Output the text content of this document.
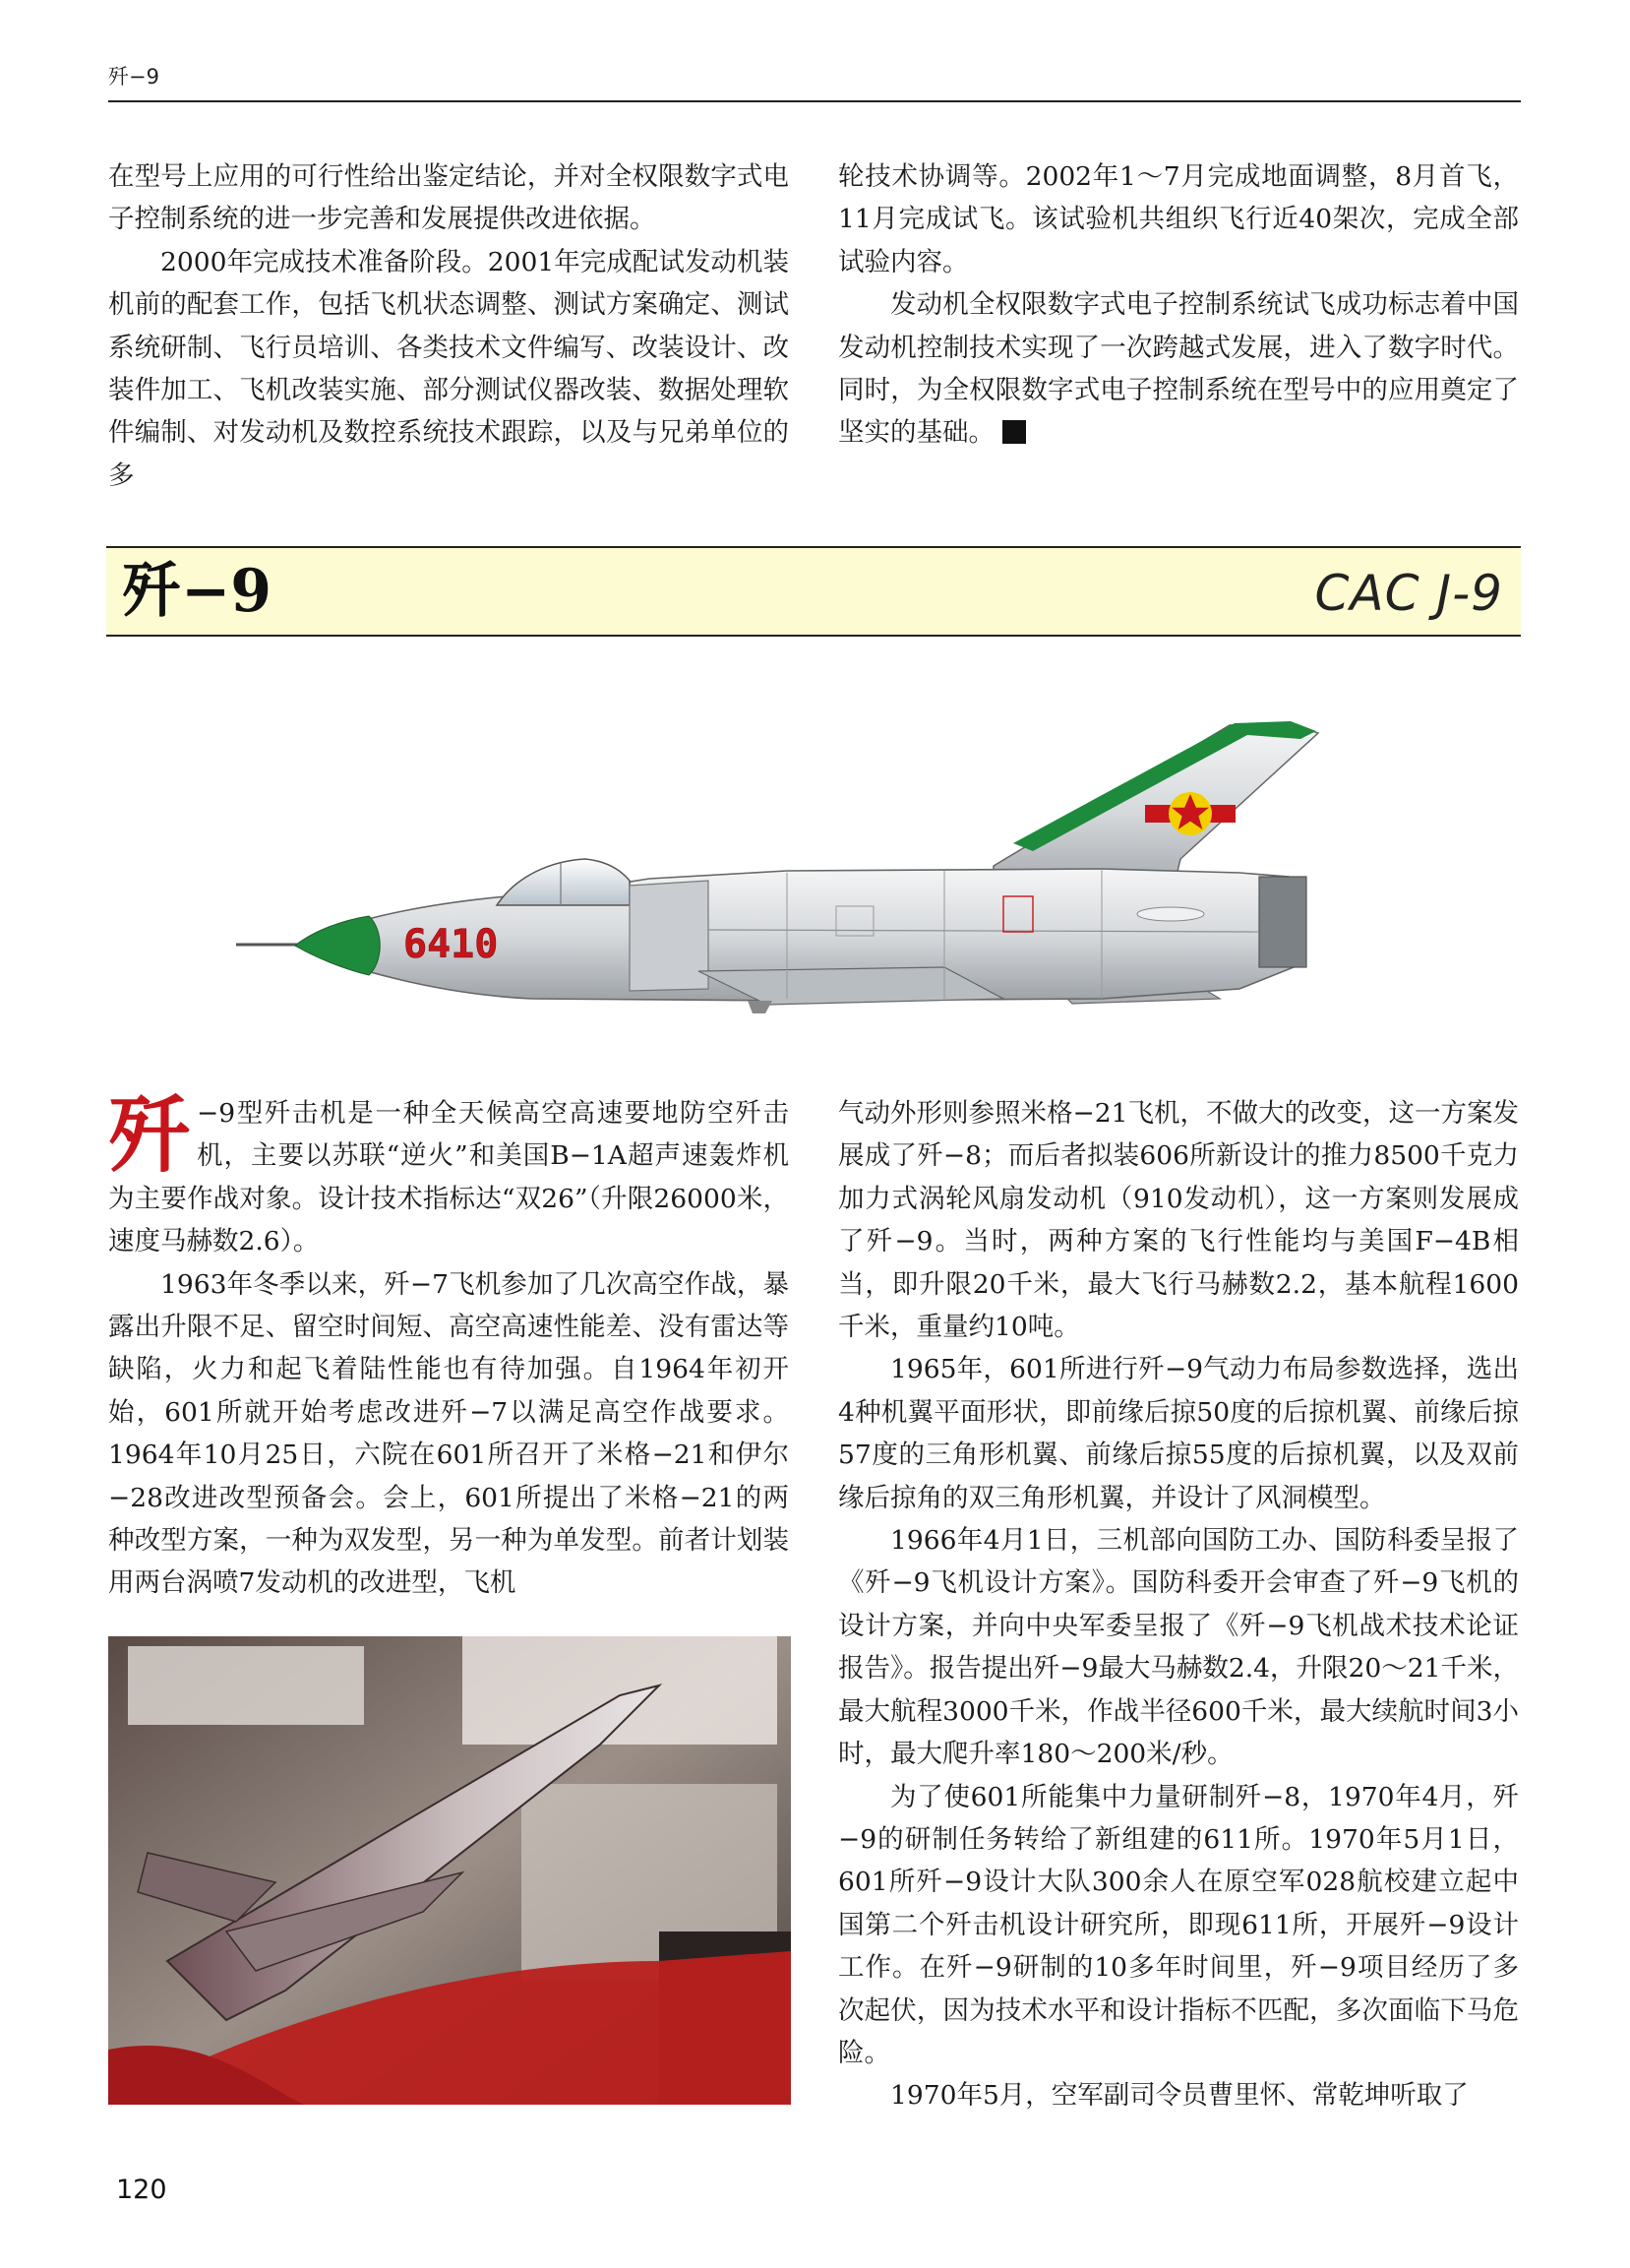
歼−9

在型号上应用的可行性给出鉴定结论，并对全权限数字式电子控制系统的进一步完善和发展提供改进依据。

2000年完成技术准备阶段。2001年完成配试发动机装机前的配套工作，包括飞机状态调整、测试方案确定、测试系统研制、飞行员培训、各类技术文件编写、改装设计、改装件加工、飞机改装实施、部分测试仪器改装、数据处理软件编制、对发动机及数控系统技术跟踪，以及与兄弟单位的多

轮技术协调等。2002年1～7月完成地面调整，8月首飞，11月完成试飞。该试验机共组织飞行近40架次，完成全部试验内容。

发动机全权限数字式电子控制系统试飞成功标志着中国发动机控制技术实现了一次跨越式发展，进入了数字时代。同时，为全权限数字式电子控制系统在型号中的应用奠定了坚实的基础。

歼−9	CAC J-9
6410

歼 −9型歼击机是一种全天候高空高速要地防空歼击机，主要以苏联“逆火”和美国B−1A超声速轰炸机为主要作战对象。设计技术指标达“双26”（升限26000米，速度马赫数2.6）。

1963年冬季以来，歼−7飞机参加了几次高空作战，暴露出升限不足、留空时间短、高空高速性能差、没有雷达等缺陷，火力和起飞着陆性能也有待加强。自1964年初开始，601所就开始考虑改进歼−7以满足高空作战要求。1964年10月25日，六院在601所召开了米格−21和伊尔−28改进改型预备会。会上，601所提出了米格−21的两种改型方案，一种为双发型，另一种为单发型。前者计划装用两台涡喷7发动机的改进型，飞机

气动外形则参照米格−21飞机，不做大的改变，这一方案发展成了歼−8；而后者拟装606所新设计的推力8500千克力加力式涡轮风扇发动机（910发动机），这一方案则发展成了歼−9。当时，两种方案的飞行性能均与美国F−4B相当，即升限20千米，最大飞行马赫数2.2，基本航程1600千米，重量约10吨。

1965年，601所进行歼−9气动力布局参数选择，选出4种机翼平面形状，即前缘后掠50度的后掠机翼、前缘后掠57度的三角形机翼、前缘后掠55度的后掠机翼，以及双前缘后掠角的双三角形机翼，并设计了风洞模型。

1966年4月1日，三机部向国防工办、国防科委呈报了《歼−9飞机设计方案》。国防科委开会审查了歼−9飞机的设计方案，并向中央军委呈报了《歼−9飞机战术技术论证报告》。报告提出歼−9最大马赫数2.4，升限20～21千米，最大航程3000千米，作战半径600千米，最大续航时间3小时，最大爬升率180～200米/秒。

为了使601所能集中力量研制歼−8，1970年4月，歼−9的研制任务转给了新组建的611所。1970年5月1日，601所歼−9设计大队300余人在原空军028航校建立起中国第二个歼击机设计研究所，即现611所，开展歼−9设计工作。在歼−9研制的10多年时间里，歼−9项目经历了多次起伏，因为技术水平和设计指标不匹配，多次面临下马危险。

1970年5月，空军副司令员曹里怀、常乾坤听取了

120
